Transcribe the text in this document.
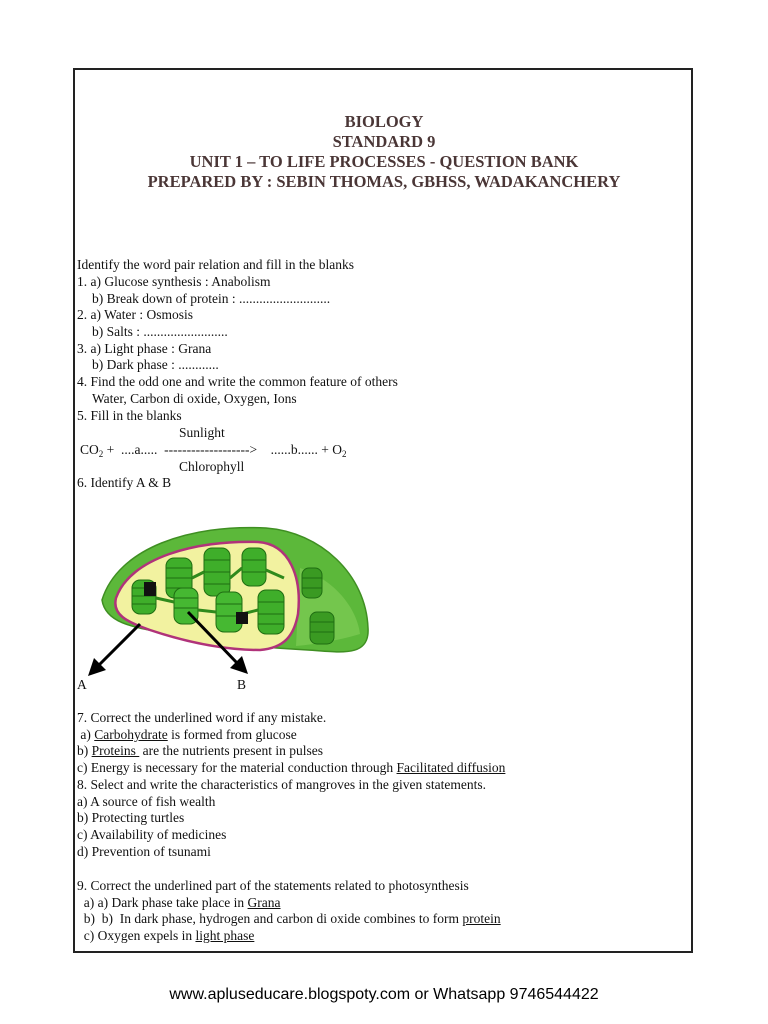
BIOLOGY
STANDARD 9
UNIT 1 – TO LIFE PROCESSES - QUESTION BANK
PREPARED BY : SEBIN THOMAS, GBHSS, WADAKANCHERY
Identify the word pair relation and fill in the blanks
1. a) Glucose synthesis : Anabolism
b) Break down of protein : ...........................
2. a) Water : Osmosis
b) Salts : .........................
3. a) Light phase : Grana
b) Dark phase : ............
4. Find the odd one and write the common feature of others
Water, Carbon di oxide, Oxygen, Ions
5. Fill in the blanks
Sunlight
$CO_2 + ....a$.....  ------------------->    ......b...... + $O_2$
Chlorophyll
6. Identify A & B
A	B
7. Correct the underlined word if any mistake.
a) Carbohydrate is formed from glucose
b) Proteins  are the nutrients present in pulses
c) Energy is necessary for the material conduction through Facilitated diffusion
8. Select and write the characteristics of mangroves in the given statements.
a) A source of fish wealth
b) Protecting turtles
c) Availability of medicines
d) Prevention of tsunami
9. Correct the underlined part of the statements related to photosynthesis
a) a) Dark phase take place in Grana
b)  b)  In dark phase, hydrogen and carbon di oxide combines to form protein
c) Oxygen expels in light phase
www.apluseducare.blogspoty.com or Whatsapp 9746544422
